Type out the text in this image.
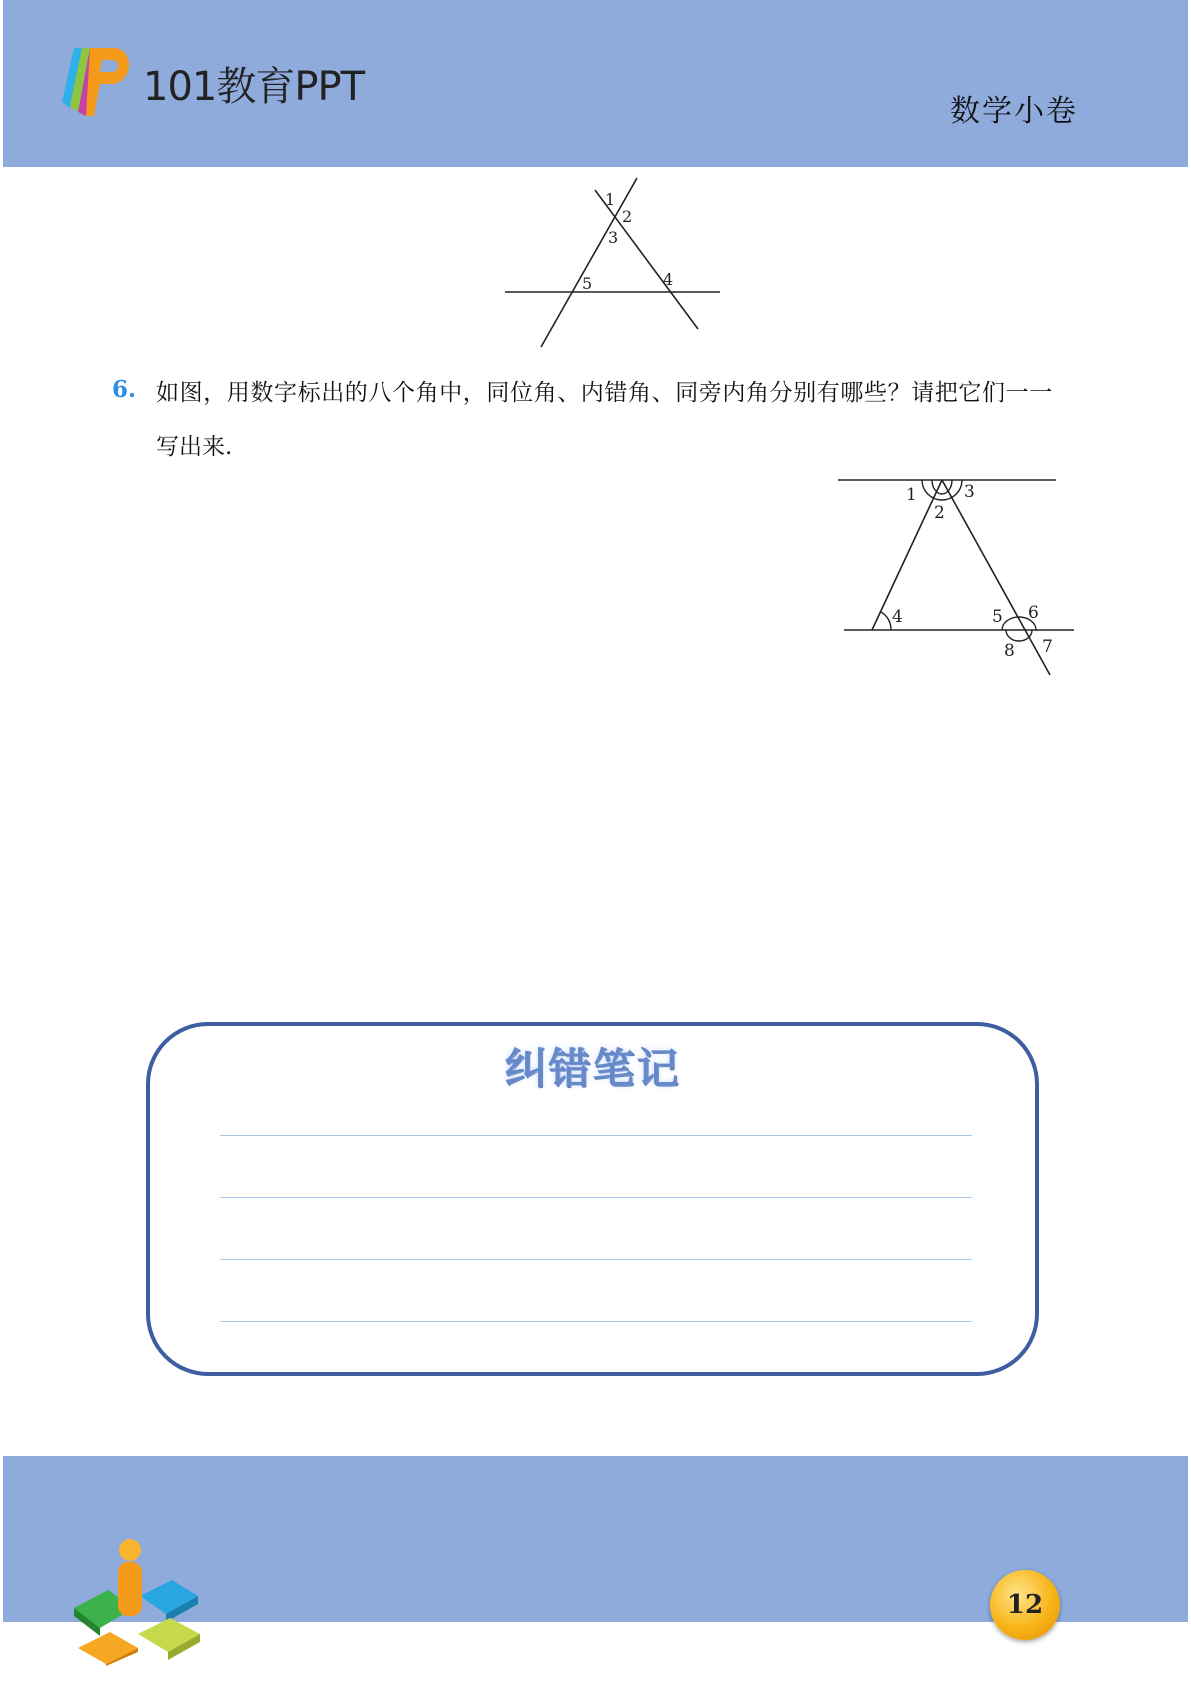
101教育PPT
数学小卷
1
2
3
4
5
6. 如图，用数字标出的八个角中，同位角、内错角、同旁内角分别有哪些？请把它们一一
写出来.
1
2
3
4	5 6
7
8
纠错笔记
12
